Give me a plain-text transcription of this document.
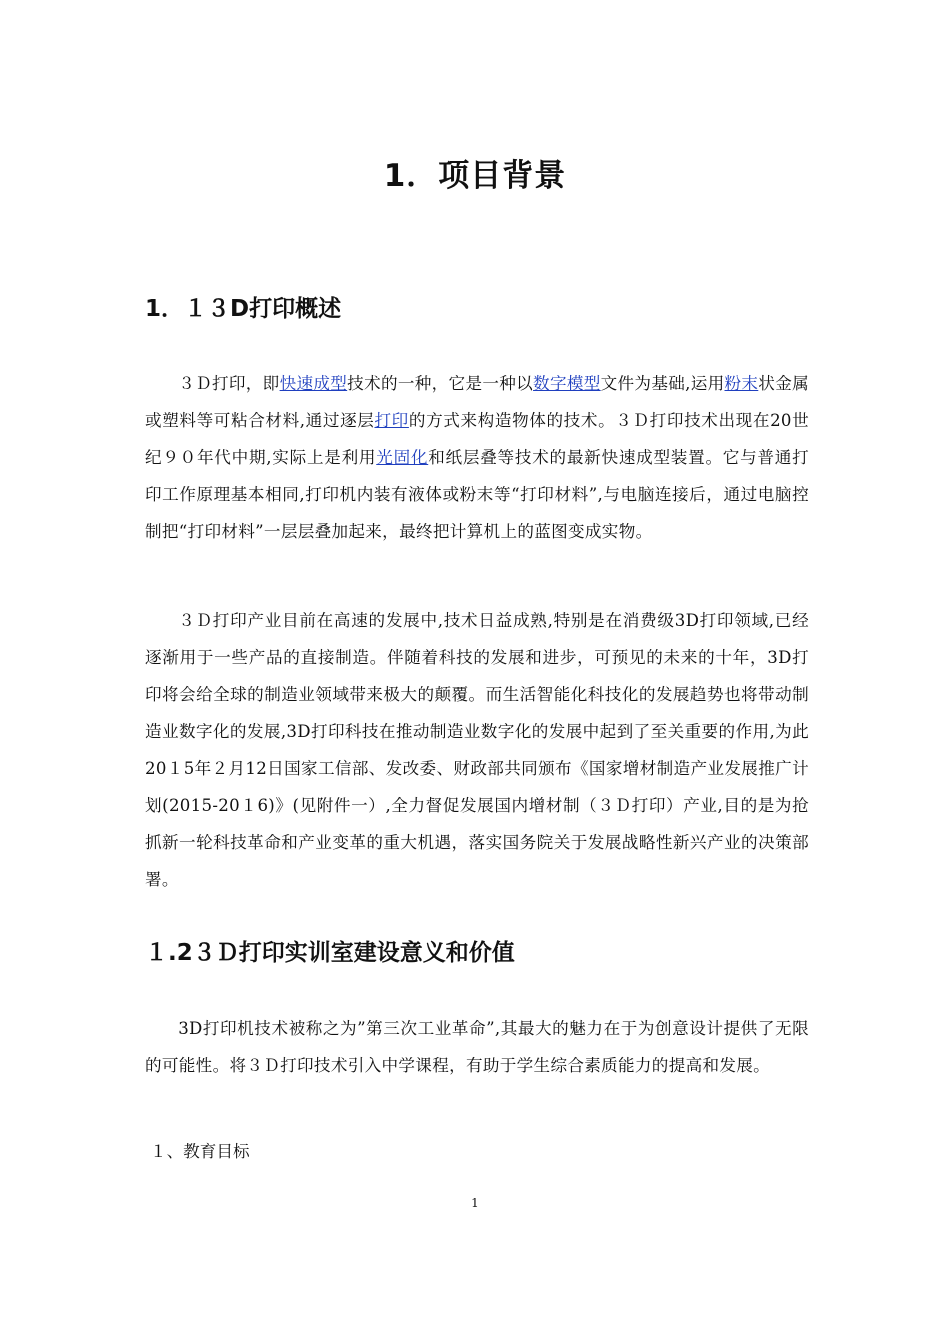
1．项目背景
1．１３D打印概述
３Ｄ打印，即快速成型技术的一种，它是一种以数字模型文件为基础,运用粉末状金属或塑料等可粘合材料,通过逐层打印的方式来构造物体的技术。３Ｄ打印技术出现在20世纪９０年代中期,实际上是利用光固化和纸层叠等技术的最新快速成型装置。它与普通打印工作原理基本相同,打印机内装有液体或粉末等“打印材料”,与电脑连接后，通过电脑控制把“打印材料”一层层叠加起来，最终把计算机上的蓝图变成实物。
３Ｄ打印产业目前在高速的发展中,技术日益成熟,特别是在消费级3D打印领域,已经逐渐用于一些产品的直接制造。伴随着科技的发展和进步，可预见的未来的十年，3D打印将会给全球的制造业领域带来极大的颠覆。而生活智能化科技化的发展趋势也将带动制造业数字化的发展,3D打印科技在推动制造业数字化的发展中起到了至关重要的作用,为此20１5年２月12日国家工信部、发改委、财政部共同颁布《国家增材制造产业发展推广计划(2015-20１6)》(见附件一）,全力督促发展国内增材制（３Ｄ打印）产业,目的是为抢抓新一轮科技革命和产业变革的重大机遇，落实国务院关于发展战略性新兴产业的决策部署。
１.2３Ｄ打印实训室建设意义和价值
3D打印机技术被称之为”第三次工业革命”,其最大的魅力在于为创意设计提供了无限的可能性。将３Ｄ打印技术引入中学课程，有助于学生综合素质能力的提高和发展。
１、教育目标
1
